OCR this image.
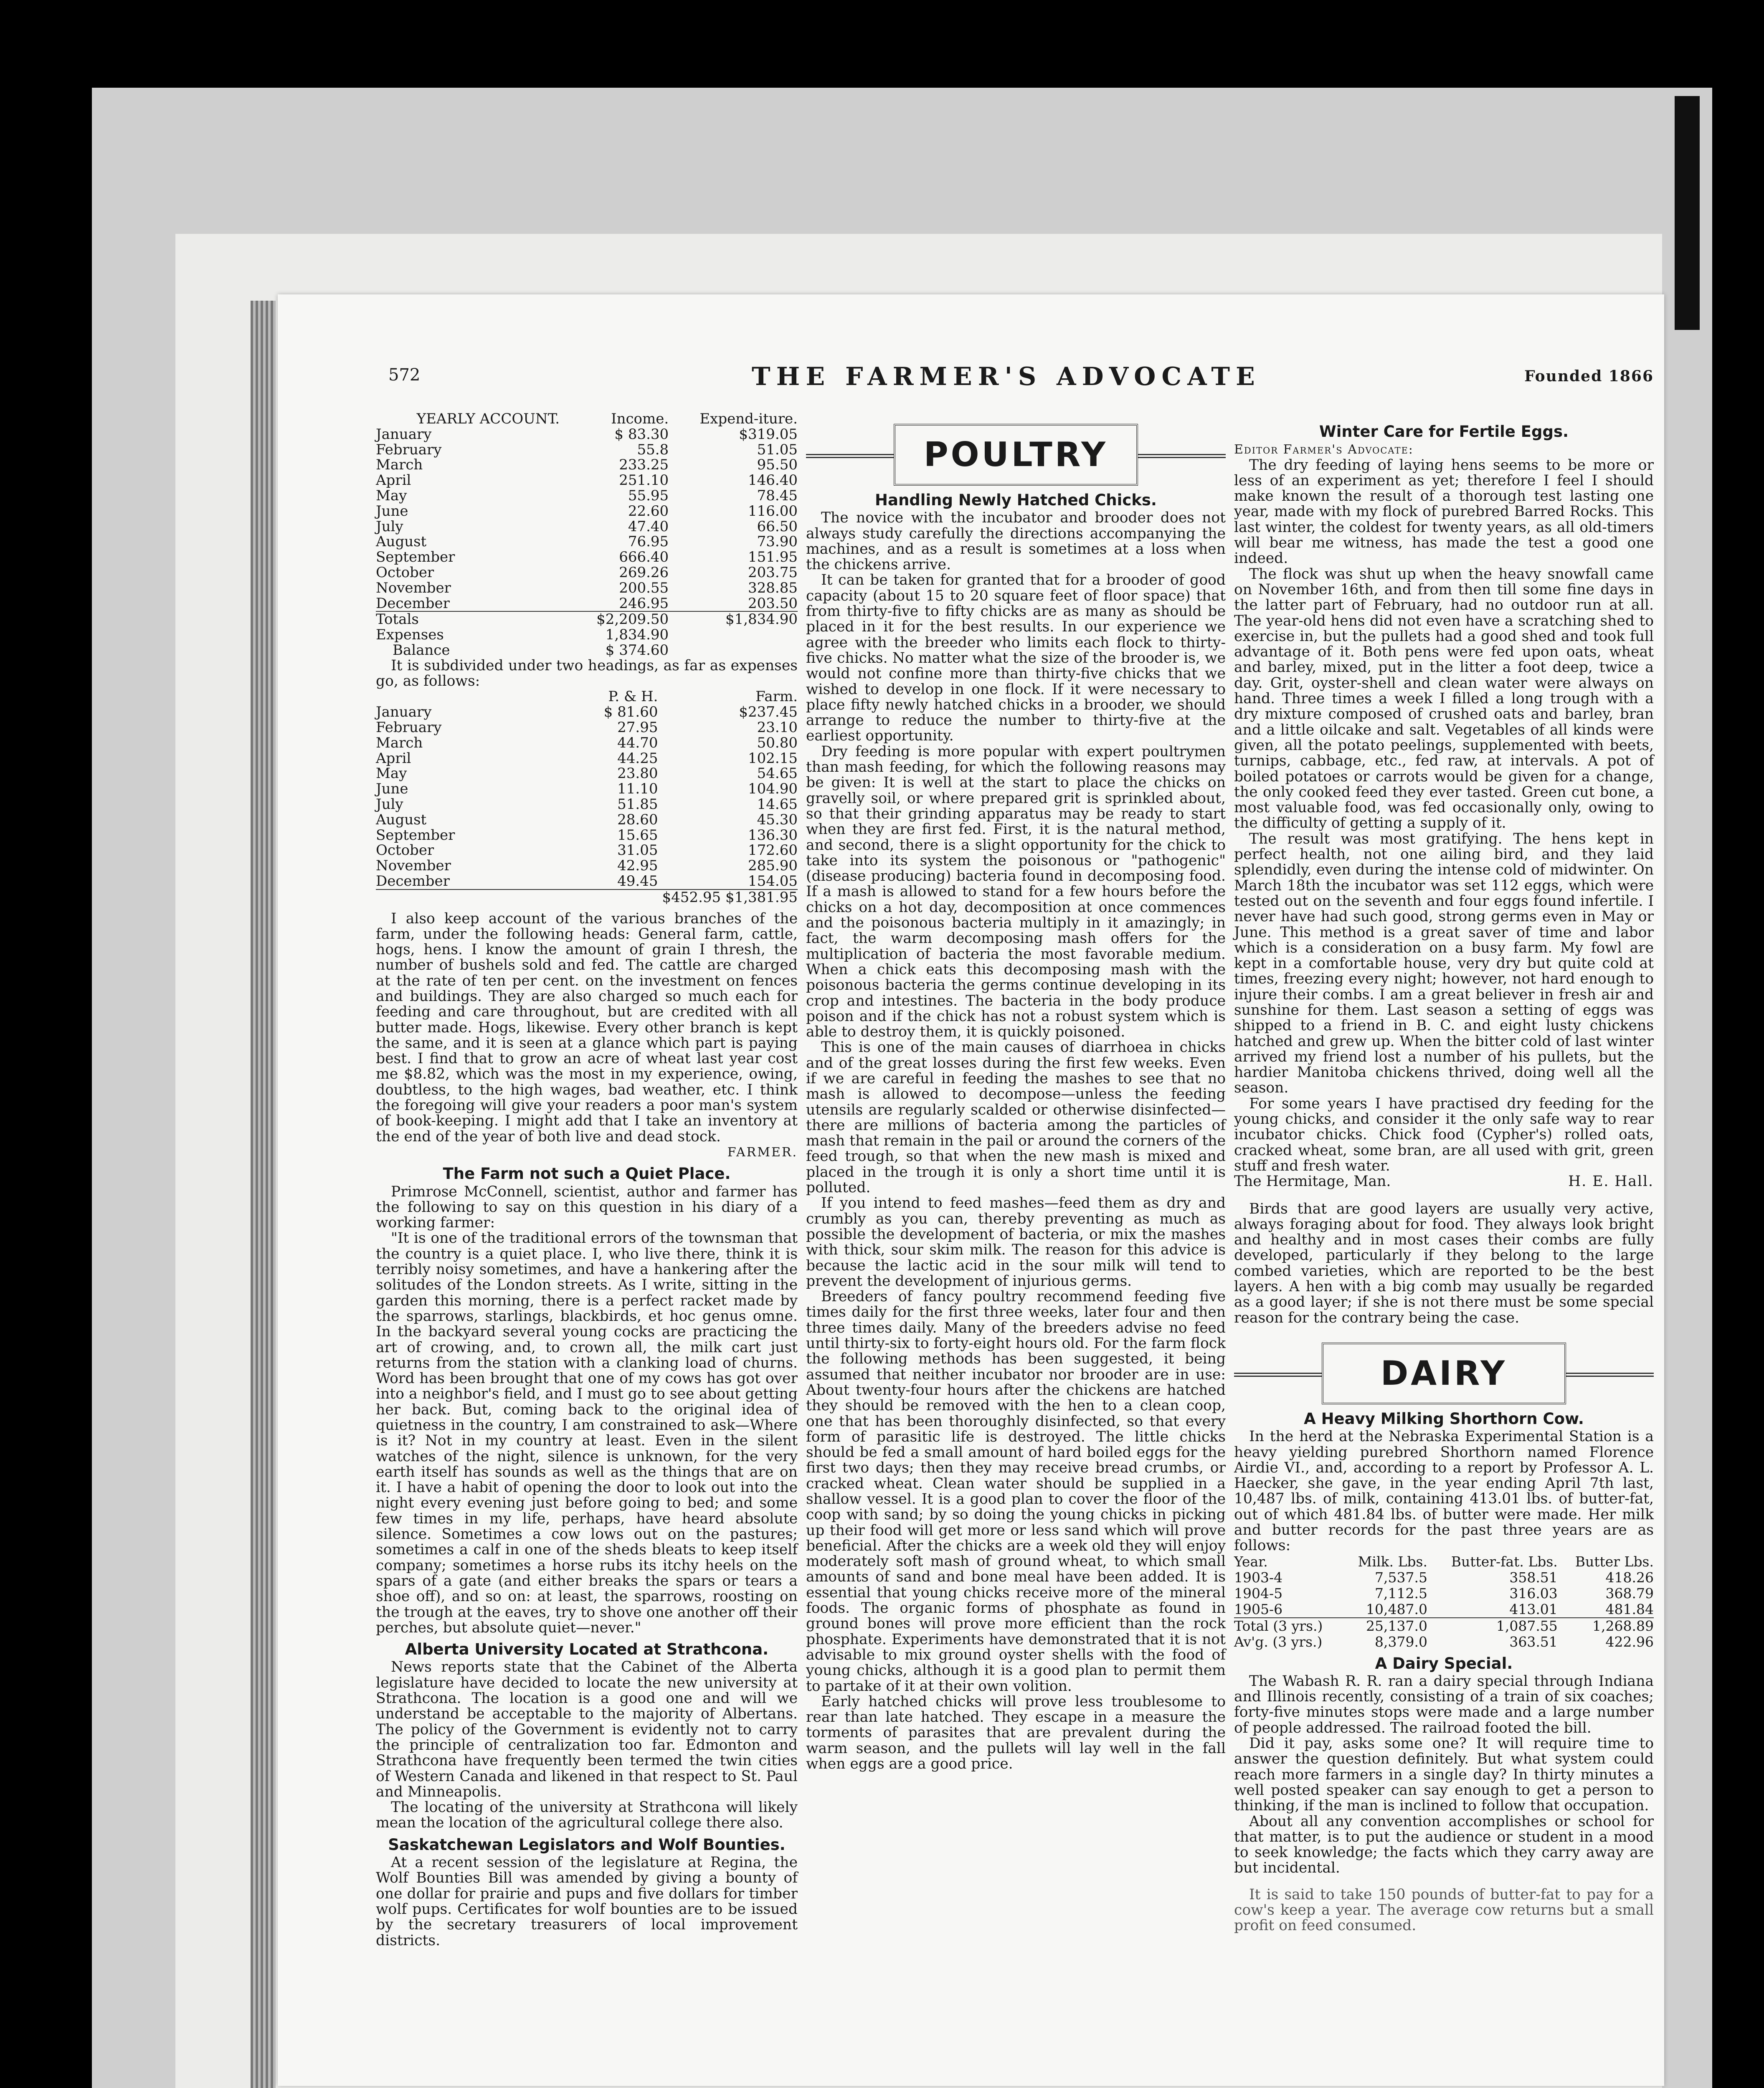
572	THE FARMER'S ADVOCATE	Founded 1866
YEARLY ACCOUNT.	Income.	Expend-iture.
January	$ 83.30	$319.05
February	55.8	51.05
March	233.25	95.50
April	251.10	146.40
May	55.95	78.45
June	22.60	116.00
July	47.40	66.50
August	76.95	73.90
September	666.40	151.95
October	269.26	203.75
November	200.55	328.85
December	246.95	203.50
Totals	$2,209.50	$1,834.90
Expenses	1,834.90	
Balance	$ 374.60	

It is subdivided under two headings, as far as expenses go, as follows:

	P. & H.	Farm.
January	$ 81.60	$237.45
February	27.95	23.10
March	44.70	50.80
April	44.25	102.15
May	23.80	54.65
June	11.10	104.90
July	51.85	14.65
August	28.60	45.30
September	15.65	136.30
October	31.05	172.60
November	42.95	285.90
December	49.45	154.05
	$452.95 $1,381.95	

I also keep account of the various branches of the farm, under the following heads: General farm, cattle, hogs, hens. I know the amount of grain I thresh, the number of bushels sold and fed. The cattle are charged at the rate of ten per cent. on the investment on fences and buildings. They are also charged so much each for feeding and care throughout, but are credited with all butter made. Hogs, likewise. Every other branch is kept the same, and it is seen at a glance which part is paying best. I find that to grow an acre of wheat last year cost me $8.82, which was the most in my experience, owing, doubtless, to the high wages, bad weather, etc. I think the foregoing will give your readers a poor man's system of book-keeping. I might add that I take an inventory at the end of the year of both live and dead stock.

FARMER.

The Farm not such a Quiet Place.

Primrose McConnell, scientist, author and farmer has the following to say on this question in his diary of a working farmer:

"It is one of the traditional errors of the townsman that the country is a quiet place. I, who live there, think it is terribly noisy sometimes, and have a hankering after the solitudes of the London streets. As I write, sitting in the garden this morning, there is a perfect racket made by the sparrows, starlings, blackbirds, et hoc genus omne. In the backyard several young cocks are practicing the art of crowing, and, to crown all, the milk cart just returns from the station with a clanking load of churns. Word has been brought that one of my cows has got over into a neighbor's field, and I must go to see about getting her back. But, coming back to the original idea of quietness in the country, I am constrained to ask—Where is it? Not in my country at least. Even in the silent watches of the night, silence is unknown, for the very earth itself has sounds as well as the things that are on it. I have a habit of opening the door to look out into the night every evening just before going to bed; and some few times in my life, perhaps, have heard absolute silence. Sometimes a cow lows out on the pastures; sometimes a calf in one of the sheds bleats to keep itself company; sometimes a horse rubs its itchy heels on the spars of a gate (and either breaks the spars or tears a shoe off), and so on: at least, the sparrows, roosting on the trough at the eaves, try to shove one another off their perches, but absolute quiet—never."

Alberta University Located at Strathcona.

News reports state that the Cabinet of the Alberta legislature have decided to locate the new university at Strathcona. The location is a good one and will we understand be acceptable to the majority of Albertans. The policy of the Government is evidently not to carry the principle of centralization too far. Edmonton and Strathcona have frequently been termed the twin cities of Western Canada and likened in that respect to St. Paul and Minneapolis.

The locating of the university at Strathcona will likely mean the location of the agricultural college there also.

Saskatchewan Legislators and Wolf Bounties.

At a recent session of the legislature at Regina, the Wolf Bounties Bill was amended by giving a bounty of one dollar for prairie and pups and five dollars for timber wolf pups. Certificates for wolf bounties are to be issued by the secretary treasurers of local improvement districts.

POULTRY
Handling Newly Hatched Chicks.

The novice with the incubator and brooder does not always study carefully the directions accompanying the machines, and as a result is sometimes at a loss when the chickens arrive.

It can be taken for granted that for a brooder of good capacity (about 15 to 20 square feet of floor space) that from thirty-five to fifty chicks are as many as should be placed in it for the best results. In our experience we agree with the breeder who limits each flock to thirty-five chicks. No matter what the size of the brooder is, we would not confine more than thirty-five chicks that we wished to develop in one flock. If it were necessary to place fifty newly hatched chicks in a brooder, we should arrange to reduce the number to thirty-five at the earliest opportunity.

Dry feeding is more popular with expert poultrymen than mash feeding, for which the following reasons may be given: It is well at the start to place the chicks on gravelly soil, or where prepared grit is sprinkled about, so that their grinding apparatus may be ready to start when they are first fed. First, it is the natural method, and second, there is a slight opportunity for the chick to take into its system the poisonous or "pathogenic" (disease producing) bacteria found in decomposing food. If a mash is allowed to stand for a few hours before the chicks on a hot day, decomposition at once commences and the poisonous bacteria multiply in it amazingly; in fact, the warm decomposing mash offers for the multiplication of bacteria the most favorable medium. When a chick eats this decomposing mash with the poisonous bacteria the germs continue developing in its crop and intestines. The bacteria in the body produce poison and if the chick has not a robust system which is able to destroy them, it is quickly poisoned.

This is one of the main causes of diarrhoea in chicks and of the great losses during the first few weeks. Even if we are careful in feeding the mashes to see that no mash is allowed to decompose—unless the feeding utensils are regularly scalded or otherwise disinfected—there are millions of bacteria among the particles of mash that remain in the pail or around the corners of the feed trough, so that when the new mash is mixed and placed in the trough it is only a short time until it is polluted.

If you intend to feed mashes—feed them as dry and crumbly as you can, thereby preventing as much as possible the development of bacteria, or mix the mashes with thick, sour skim milk. The reason for this advice is because the lactic acid in the sour milk will tend to prevent the development of injurious germs.

Breeders of fancy poultry recommend feeding five times daily for the first three weeks, later four and then three times daily. Many of the breeders advise no feed until thirty-six to forty-eight hours old. For the farm flock the following methods has been suggested, it being assumed that neither incubator nor brooder are in use: About twenty-four hours after the chickens are hatched they should be removed with the hen to a clean coop, one that has been thoroughly disinfected, so that every form of parasitic life is destroyed. The little chicks should be fed a small amount of hard boiled eggs for the first two days; then they may receive bread crumbs, or cracked wheat. Clean water should be supplied in a shallow vessel. It is a good plan to cover the floor of the coop with sand; by so doing the young chicks in picking up their food will get more or less sand which will prove beneficial. After the chicks are a week old they will enjoy moderately soft mash of ground wheat, to which small amounts of sand and bone meal have been added. It is essential that young chicks receive more of the mineral foods. The organic forms of phosphate as found in ground bones will prove more efficient than the rock phosphate. Experiments have demonstrated that it is not advisable to mix ground oyster shells with the food of young chicks, although it is a good plan to permit them to partake of it at their own volition.

Early hatched chicks will prove less troublesome to rear than late hatched. They escape in a measure the torments of parasites that are prevalent during the warm season, and the pullets will lay well in the fall when eggs are a good price.

Winter Care for Fertile Eggs.

Editor Farmer's Advocate:

The dry feeding of laying hens seems to be more or less of an experiment as yet; therefore I feel I should make known the result of a thorough test lasting one year, made with my flock of purebred Barred Rocks. This last winter, the coldest for twenty years, as all old-timers will bear me witness, has made the test a good one indeed.

The flock was shut up when the heavy snowfall came on November 16th, and from then till some fine days in the latter part of February, had no outdoor run at all. The year-old hens did not even have a scratching shed to exercise in, but the pullets had a good shed and took full advantage of it. Both pens were fed upon oats, wheat and barley, mixed, put in the litter a foot deep, twice a day. Grit, oyster-shell and clean water were always on hand. Three times a week I filled a long trough with a dry mixture composed of crushed oats and barley, bran and a little oilcake and salt. Vegetables of all kinds were given, all the potato peelings, supplemented with beets, turnips, cabbage, etc., fed raw, at intervals. A pot of boiled potatoes or carrots would be given for a change, the only cooked feed they ever tasted. Green cut bone, a most valuable food, was fed occasionally only, owing to the difficulty of getting a supply of it.

The result was most gratifying. The hens kept in perfect health, not one ailing bird, and they laid splendidly, even during the intense cold of midwinter. On March 18th the incubator was set 112 eggs, which were tested out on the seventh and four eggs found infertile. I never have had such good, strong germs even in May or June. This method is a great saver of time and labor which is a consideration on a busy farm. My fowl are kept in a comfortable house, very dry but quite cold at times, freezing every night; however, not hard enough to injure their combs. I am a great believer in fresh air and sunshine for them. Last season a setting of eggs was shipped to a friend in B. C. and eight lusty chickens hatched and grew up. When the bitter cold of last winter arrived my friend lost a number of his pullets, but the hardier Manitoba chickens thrived, doing well all the season.

For some years I have practised dry feeding for the young chicks, and consider it the only safe way to rear incubator chicks. Chick food (Cypher's) rolled oats, cracked wheat, some bran, are all used with grit, green stuff and fresh water.

The Hermitage, Man.	H. E. Hall.

Birds that are good layers are usually very active, always foraging about for food. They always look bright and healthy and in most cases their combs are fully developed, particularly if they belong to the large combed varieties, which are reported to be the best layers. A hen with a big comb may usually be regarded as a good layer; if she is not there must be some special reason for the contrary being the case.

DAIRY
A Heavy Milking Shorthorn Cow.

In the herd at the Nebraska Experimental Station is a heavy yielding purebred Shorthorn named Florence Airdie VI., and, according to a report by Professor A. L. Haecker, she gave, in the year ending April 7th last, 10,487 lbs. of milk, containing 413.01 lbs. of butter-fat, out of which 481.84 lbs. of butter were made. Her milk and butter records for the past three years are as follows:

Year.	Milk. Lbs.	Butter-fat. Lbs.	Butter Lbs.
1903-4	7,537.5	358.51	418.26
1904-5	7,112.5	316.03	368.79
1905-6	10,487.0	413.01	481.84
Total (3 yrs.)	25,137.0	1,087.55	1,268.89
Av'g. (3 yrs.)	8,379.0	363.51	422.96
A Dairy Special.

The Wabash R. R. ran a dairy special through Indiana and Illinois recently, consisting of a train of six coaches; forty-five minutes stops were made and a large number of people addressed. The railroad footed the bill.

Did it pay, asks some one? It will require time to answer the question definitely. But what system could reach more farmers in a single day? In thirty minutes a well posted speaker can say enough to get a person to thinking, if the man is inclined to follow that occupation.

About all any convention accomplishes or school for that matter, is to put the audience or student in a mood to seek knowledge; the facts which they carry away are but incidental.

It is said to take 150 pounds of butter-fat to pay for a cow's keep a year. The average cow returns but a small profit on feed consumed.
